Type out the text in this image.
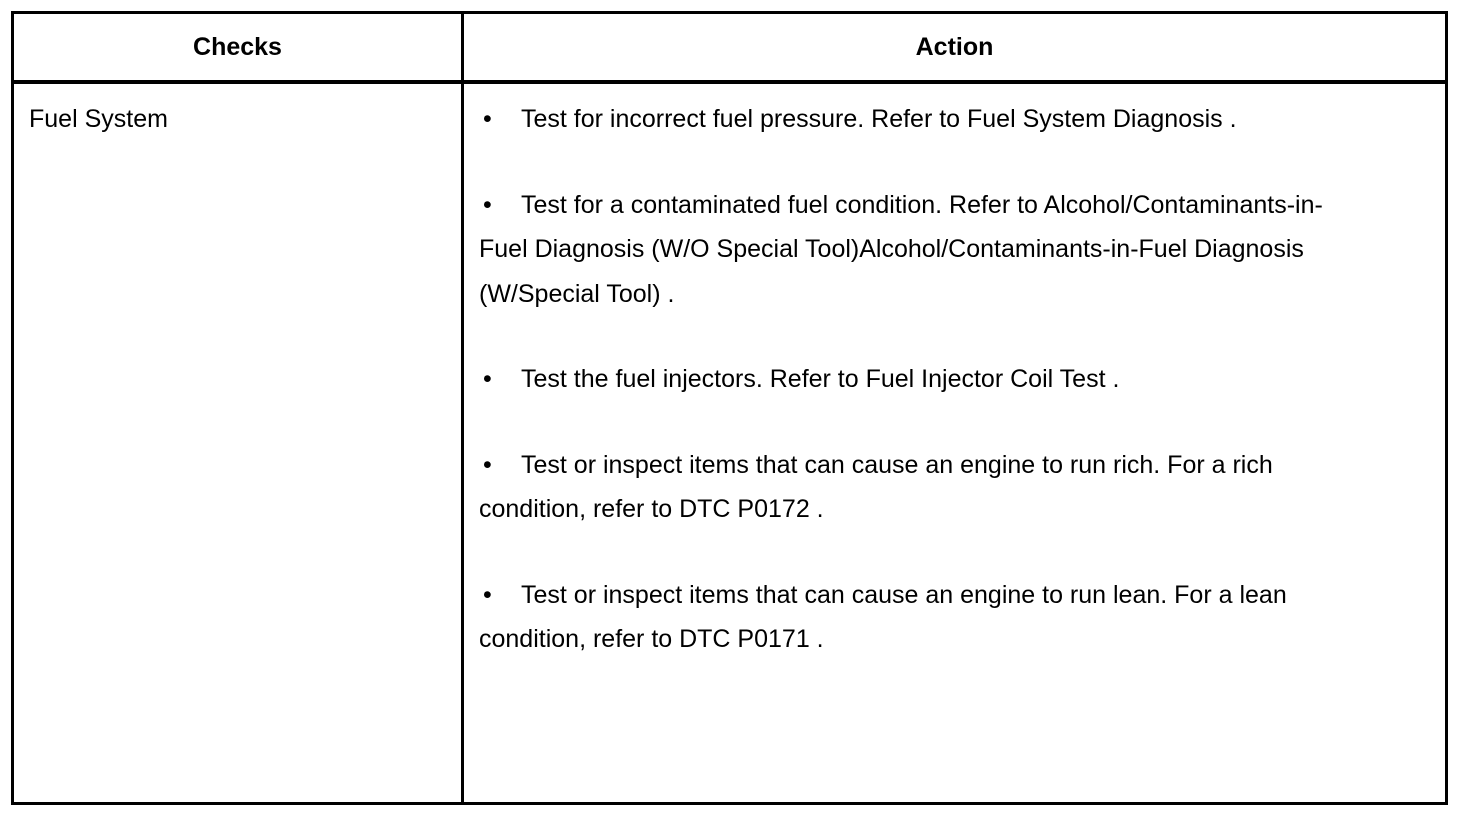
Checks	Action
Fuel System	• Test for incorrect fuel pressure. Refer to Fuel System Diagnosis .
• Test for a contaminated fuel condition. Refer to Alcohol/Contaminants-in-Fuel Diagnosis (W/O Special Tool)Alcohol/Contaminants-in-Fuel Diagnosis (W/Special Tool) .
• Test the fuel injectors. Refer to Fuel Injector Coil Test .
• Test or inspect items that can cause an engine to run rich. For a rich condition, refer to DTC P0172 .
• Test or inspect items that can cause an engine to run lean. For a lean condition, refer to DTC P0171 .
